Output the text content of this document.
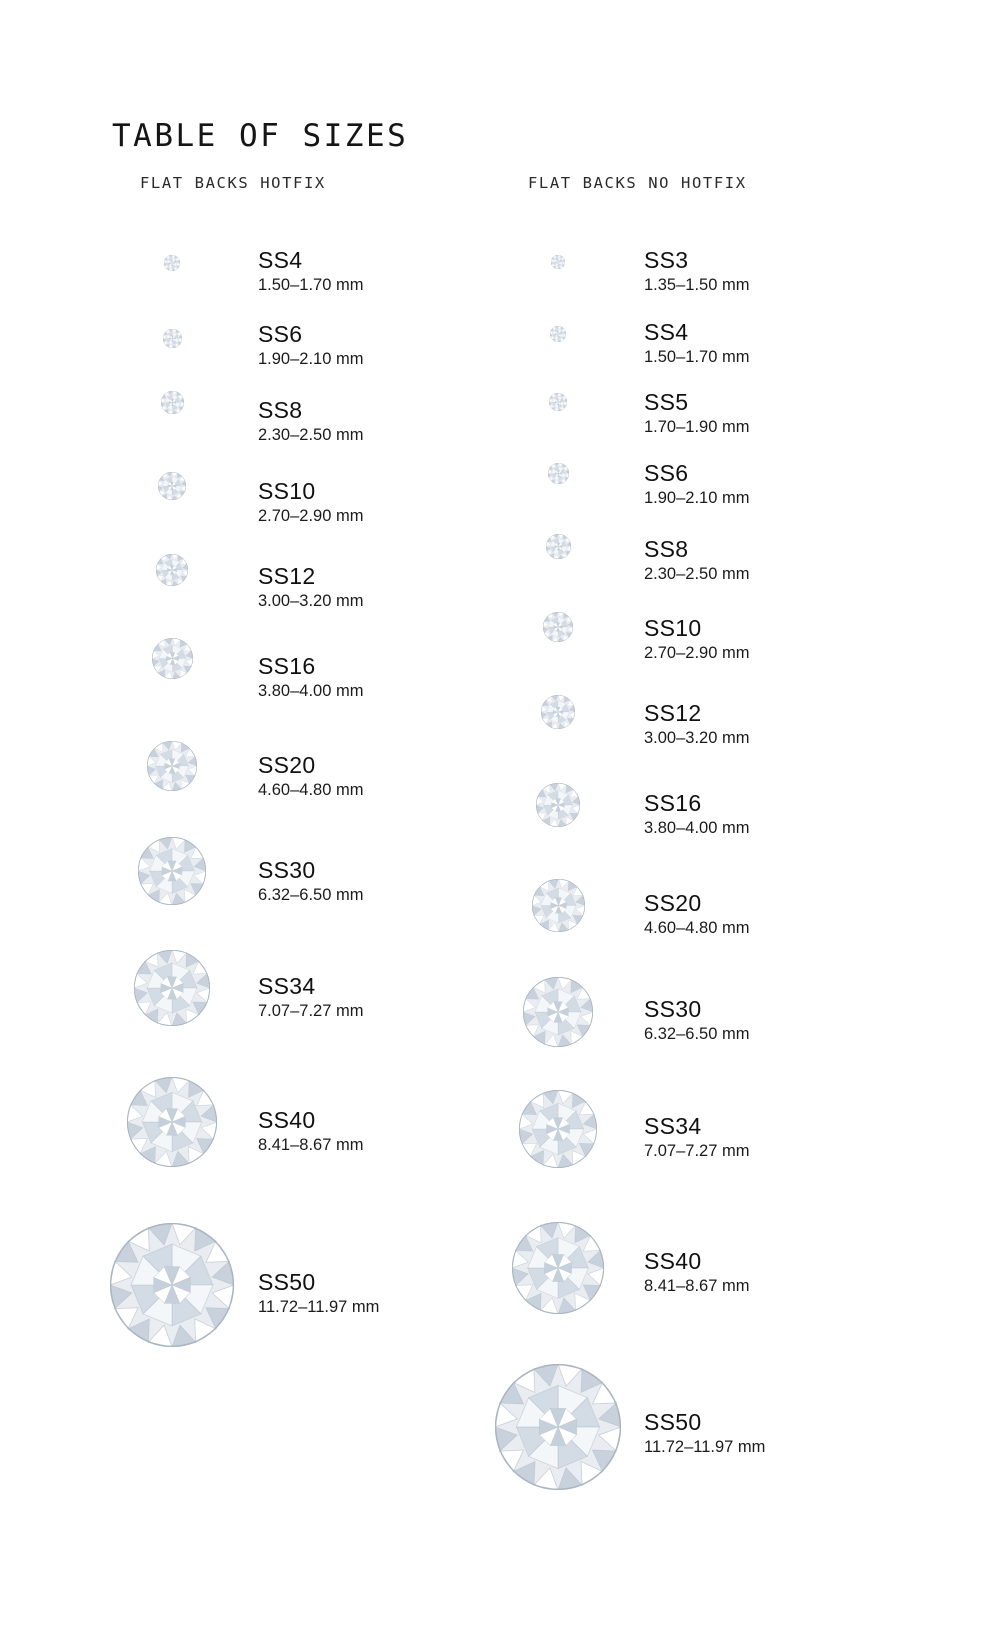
TABLE OF SIZES
FLAT BACKS HOTFIX	FLAT BACKS NO HOTFIX
SS4
1.50–1.70 mm
SS6
1.90–2.10 mm
SS8
2.30–2.50 mm
SS10
2.70–2.90 mm
SS12
3.00–3.20 mm
SS16
3.80–4.00 mm
SS20
4.60–4.80 mm
SS30
6.32–6.50 mm
SS34
7.07–7.27 mm
SS40
8.41–8.67 mm
SS50
11.72–11.97 mm
SS3
1.35–1.50 mm
SS4
1.50–1.70 mm
SS5
1.70–1.90 mm
SS6
1.90–2.10 mm
SS8
2.30–2.50 mm
SS10
2.70–2.90 mm
SS12
3.00–3.20 mm
SS16
3.80–4.00 mm
SS20
4.60–4.80 mm
SS30
6.32–6.50 mm
SS34
7.07–7.27 mm
SS40
8.41–8.67 mm
SS50
11.72–11.97 mm
